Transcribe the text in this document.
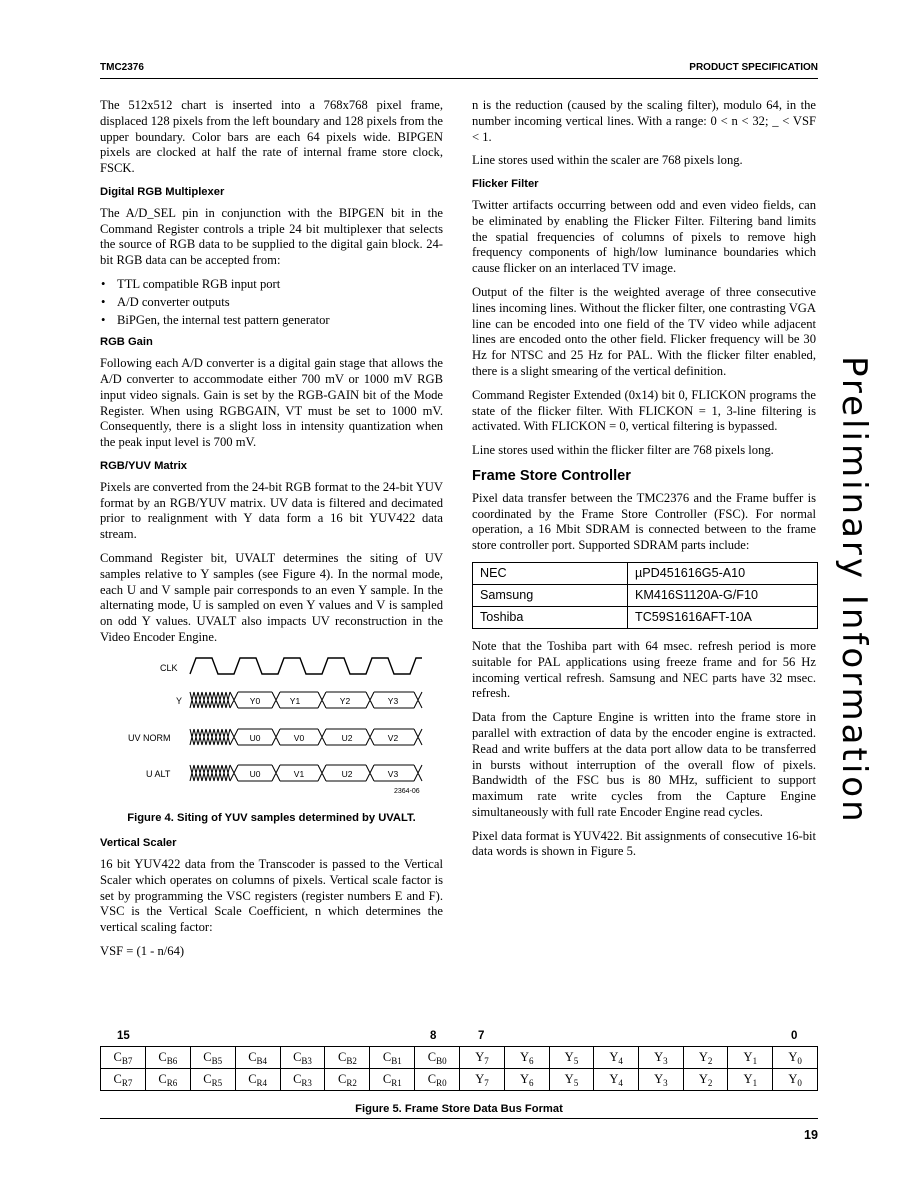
TMC2376	PRODUCT SPECIFICATION

The 512x512 chart is inserted into a 768x768 pixel frame, displaced 128 pixels from the left boundary and 128 pixels from the upper boundary. Color bars are each 64 pixels wide. BIPGEN pixels are clocked at half the rate of internal frame store clock, FSCK.

Digital RGB Multiplexer

The A/D_SEL pin in conjunction with the BIPGEN bit in the Command Register controls a triple 24 bit multiplexer that selects the source of RGB data to be supplied to the digital gain block. 24-bit RGB data can be accepted from:

• TTL compatible RGB input port
• A/D converter outputs
• BiPGen, the internal test pattern generator
RGB Gain

Following each A/D converter is a digital gain stage that allows the A/D converter to accommodate either 700 mV or 1000 mV RGB input video signals. Gain is set by the RGB-GAIN bit of the Mode Register. When using RGBGAIN, VT must be set to 1000 mV. Consequently, there is a slight loss in intensity quantization when the peak input level is 700 mV.

RGB/YUV Matrix

Pixels are converted from the 24-bit RGB format to the 24-bit YUV format by an RGB/YUV matrix. UV data is filtered and decimated prior to realignment with Y data form a 16 bit YUV422 data stream.

Command Register bit, UVALT determines the siting of UV samples relative to Y samples (see Figure 4). In the normal mode, each U and V sample pair corresponds to an even Y sample. In the alternating mode, U is sampled on even Y values and V is sampled on odd Y values. UVALT also impacts UV reconstruction in the Video Encoder Engine.

CLK
Y
UV NORM
U ALT
Y0	Y1	Y2	Y3
U0	V0	U2	V2
U0	V1	U2	V3
2364-06
Figure 4. Siting of YUV samples determined by UVALT.
Vertical Scaler

16 bit YUV422 data from the Transcoder is passed to the Vertical Scaler which operates on columns of pixels. Vertical scale factor is set by programming the VSC registers (register numbers E and F). VSC is the Vertical Scale Coefficient, n which determines the vertical scaling factor:

VSF = (1 - n/64)

n is the reduction (caused by the scaling filter), modulo 64, in the number incoming vertical lines. With a range: 0 < n < 32; _ < VSF < 1.

Line stores used within the scaler are 768 pixels long.

Flicker Filter

Twitter artifacts occurring between odd and even video fields, can be eliminated by enabling the Flicker Filter. Filtering band limits the spatial frequencies of columns of pixels to remove high frequency components of high/low luminance boundaries which cause flicker on an interlaced TV image.

Output of the filter is the weighted average of three consecutive lines incoming lines. Without the flicker filter, one contrasting VGA line can be encoded into one field of the TV video while adjacent lines are encoded onto the other field. Flicker frequency will be 30 Hz for NTSC and 25 Hz for PAL. With the flicker filter enabled, there is a slight smearing of the vertical definition.

Command Register Extended (0x14) bit 0, FLICKON programs the state of the flicker filter. With FLICKON = 1, 3-line filtering is activated. With FLICKON = 0, vertical filtering is bypassed.

Line stores used within the flicker filter are 768 pixels long.

Frame Store Controller

Pixel data transfer between the TMC2376 and the Frame buffer is coordinated by the Frame Store Controller (FSC). For normal operation, a 16 Mbit SDRAM is connected between to the frame store controller port. Supported SDRAM parts include:

NEC	µPD451616G5-A10
Samsung	KM416S1120A-G/F10
Toshiba	TC59S1616AFT-10A

Note that the Toshiba part with 64 msec. refresh period is more suitable for PAL applications using freeze frame and for 56 Hz incoming vertical refresh. Samsung and NEC parts have 32 msec. refresh.

Data from the Capture Engine is written into the frame store in parallel with extraction of data by the encoder engine is extracted. Read and write buffers at the data port allow data to be transferred in bursts without interruption of the overall flow of pixels. Bandwidth of the FSC bus is 80 MHz, sufficient to support maximum rate write cycles from the Capture Engine simultaneously with full rate Encoder Engine read cycles.

Pixel data format is YUV422. Bit assignments of consecutive 16-bit data words is shown in Figure 5.

Preliminary Information
15	8	7	0
$C_{B7}$	$C_{B6}$	$C_{B5}$	$C_{B4}$	$C_{B3}$	$C_{B2}$	$C_{B1}$	$C_{B0}$	$Y_7$	$Y_6$	$Y_5$	$Y_4$	$Y_3$	$Y_2$	$Y_1$	$Y_0$
$C_{R7}$	$C_{R6}$	$C_{R5}$	$C_{R4}$	$C_{R3}$	$C_{R2}$	$C_{R1}$	$C_{R0}$	$Y_7$	$Y_6$	$Y_5$	$Y_4$	$Y_3$	$Y_2$	$Y_1$	$Y_0$
Figure 5. Frame Store Data Bus Format
19
